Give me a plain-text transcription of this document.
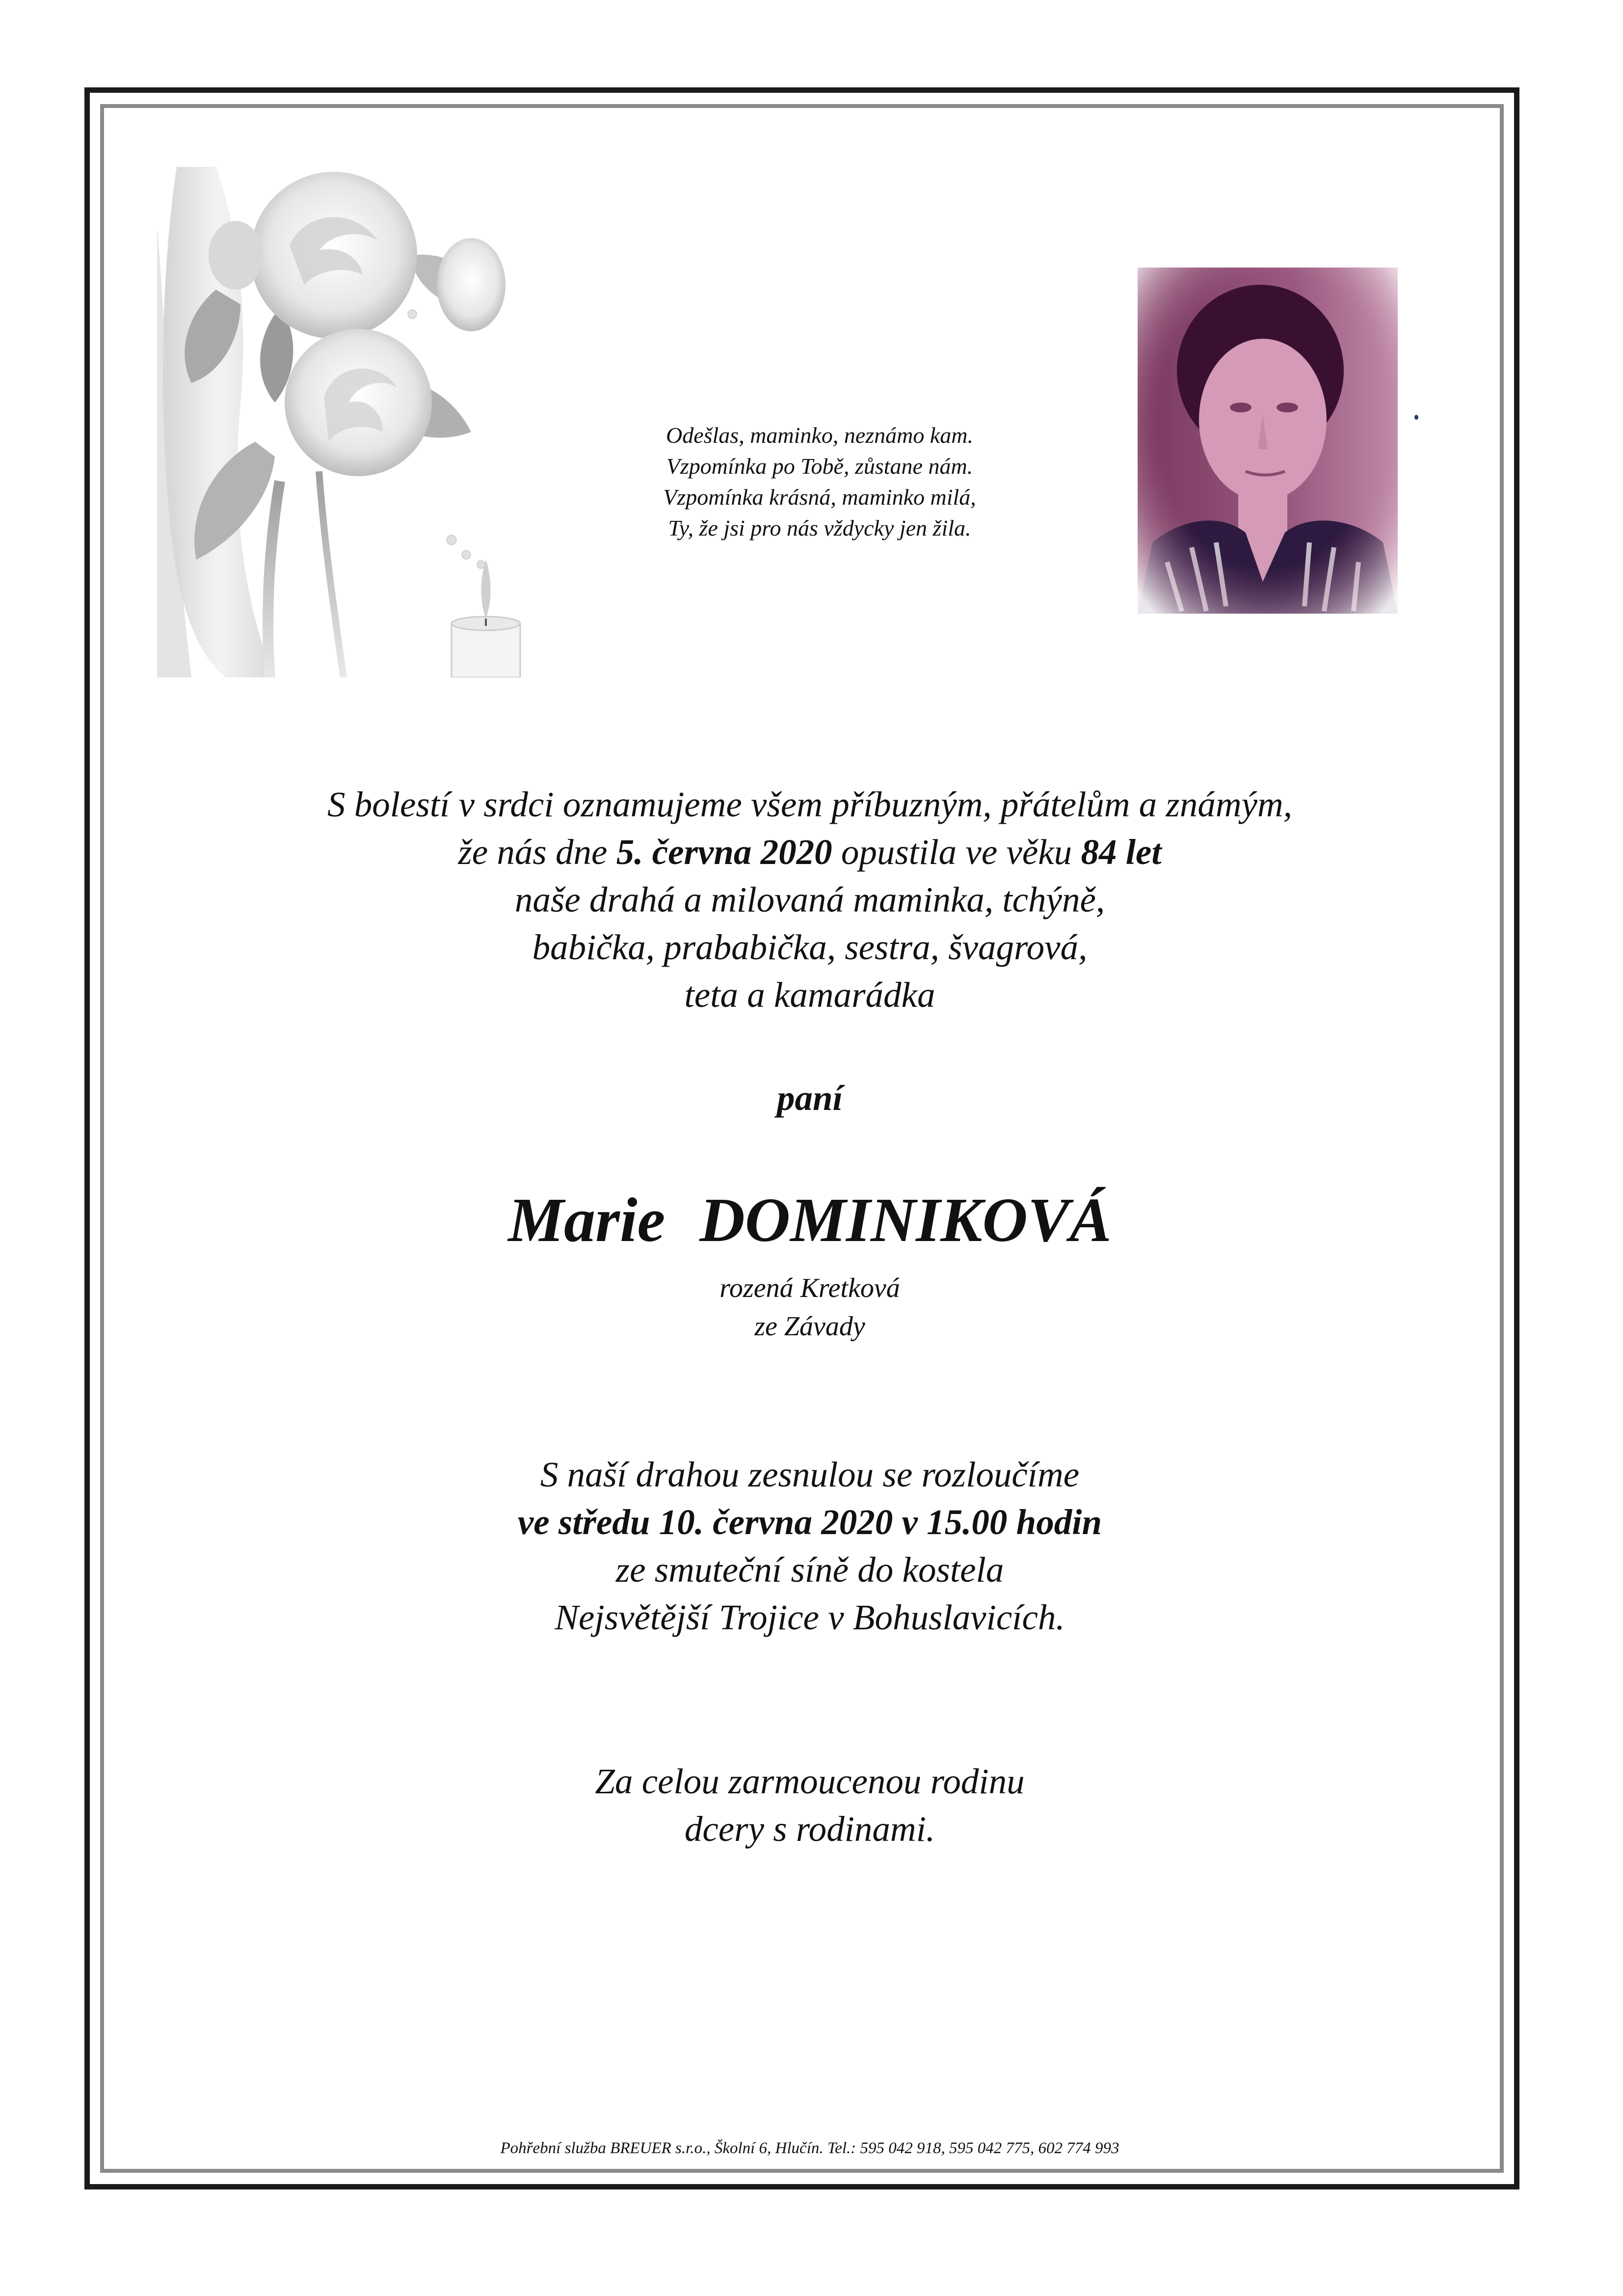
Odešlas, maminko, neznámo kam.
Vzpomínka po Tobě, zůstane nám.
Vzpomínka krásná, maminko milá,
Ty, že jsi pro nás vždycky jen žila.
S bolestí v srdci oznamujeme všem příbuzným, přátelům a známým,
že nás dne 5. června 2020 opustila ve věku 84 let
naše drahá a milovaná maminka, tchýně,
babička, prababička, sestra, švagrová,
teta a kamarádka
paní
Marie DOMINIKOVÁ
rozená Kretková
ze Závady
S naší drahou zesnulou se rozloučíme
ve středu 10. června 2020 v 15.00 hodin
ze smuteční síně do kostela
Nejsvětější Trojice v Bohuslavicích.
Za celou zarmoucenou rodinu
dcery s rodinami.
Pohřební služba BREUER s.r.o., Školní 6, Hlučín. Tel.: 595 042 918, 595 042 775, 602 774 993
